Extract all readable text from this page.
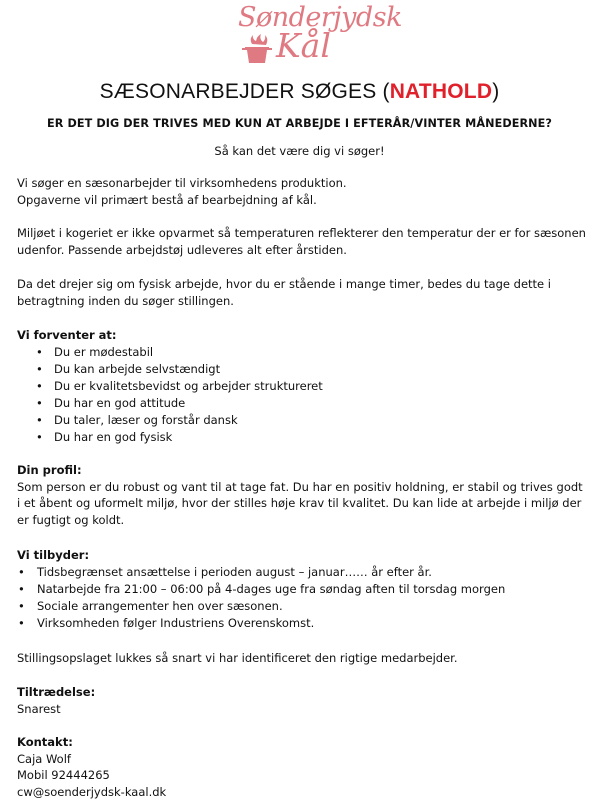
Sønderjydsk
Kål
SÆSONARBEJDER SØGES (NATHOLD)
ER DET DIG DER TRIVES MED KUN AT ARBEJDE I EFTERÅR/VINTER MÅNEDERNE?
Så kan det være dig vi søger!
Vi søger en sæsonarbejder til virksomhedens produktion.
Opgaverne vil primært bestå af bearbejdning af kål.
Miljøet i kogeriet er ikke opvarmet så temperaturen reflekterer den temperatur der er for sæsonen udenfor. Passende arbejdstøj udleveres alt efter årstiden.
Da det drejer sig om fysisk arbejde, hvor du er stående i mange timer, bedes du tage dette i betragtning inden du søger stillingen.
Vi forventer at:
• Du er mødestabil
• Du kan arbejde selvstændigt
• Du er kvalitetsbevidst og arbejder struktureret
• Du har en god attitude
• Du taler, læser og forstår dansk
• Du har en god fysisk
Din profil:
Som person er du robust og vant til at tage fat. Du har en positiv holdning, er stabil og trives godt i et åbent og uformelt miljø, hvor der stilles høje krav til kvalitet. Du kan lide at arbejde i miljø der er fugtigt og koldt.
Vi tilbyder:
• Tidsbegrænset ansættelse i perioden august – januar…… år efter år.
• Natarbejde fra 21:00 – 06:00 på 4-dages uge fra søndag aften til torsdag morgen
• Sociale arrangementer hen over sæsonen.
• Virksomheden følger Industriens Overenskomst.
Stillingsopslaget lukkes så snart vi har identificeret den rigtige medarbejder.
Tiltrædelse:
Snarest
Kontakt:
Caja Wolf
Mobil 92444265
cw@soenderjydsk-kaal.dk
